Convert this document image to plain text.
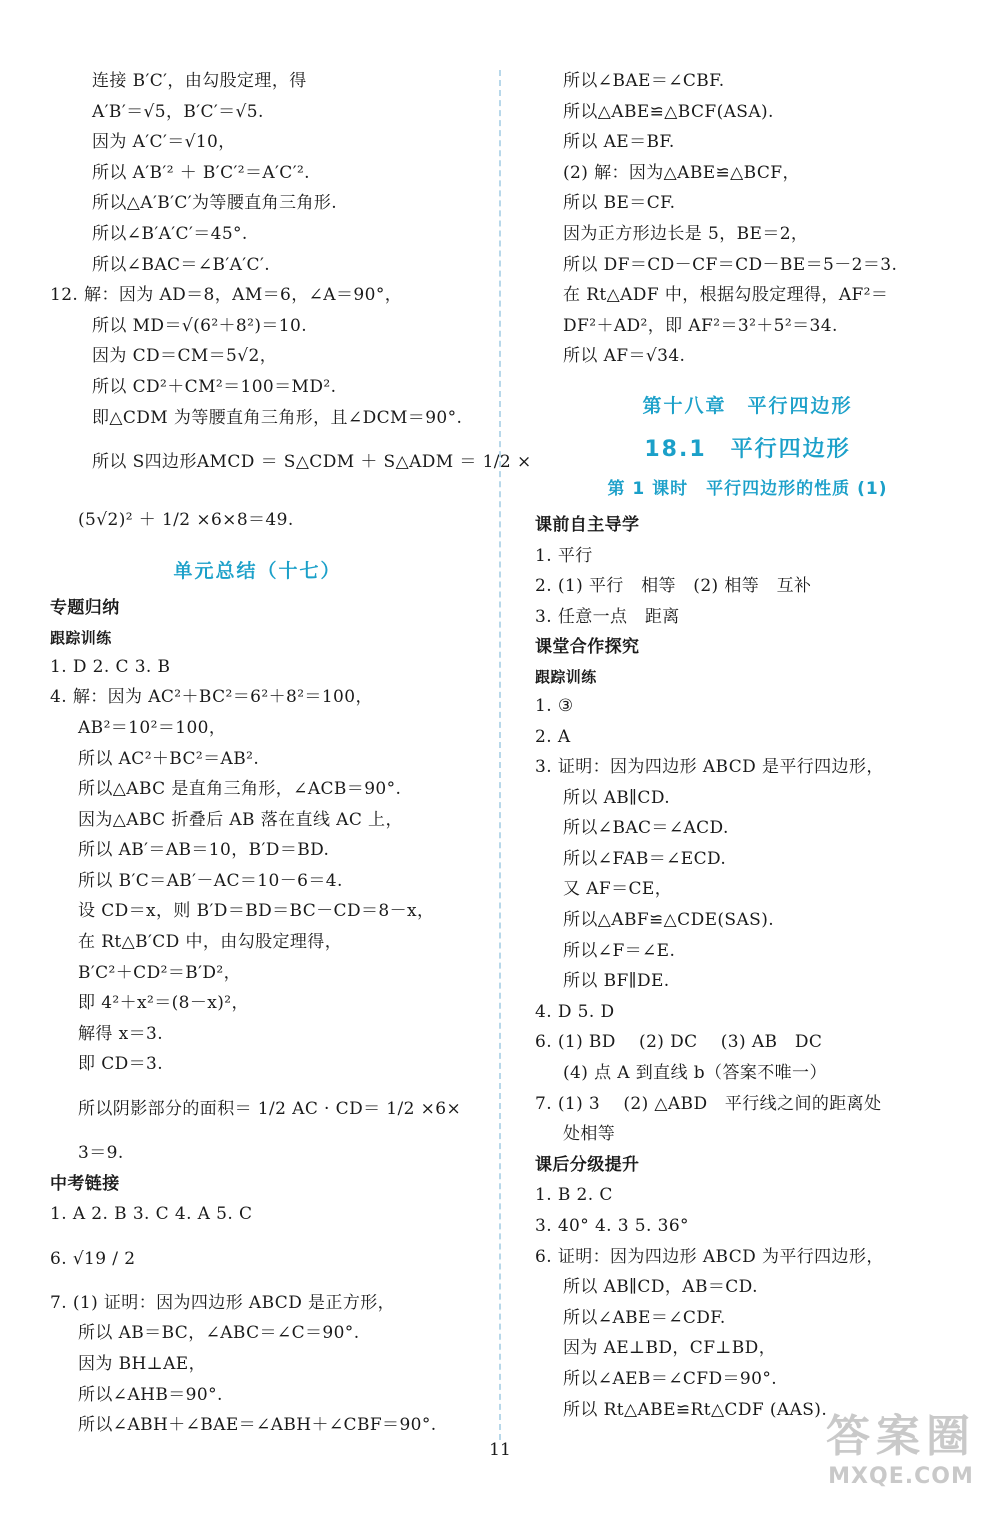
连接 B′C′，由勾股定理，得
A′B′＝√5，B′C′＝√5.
因为 A′C′＝√10，
所以 A′B′² ＋ B′C′²＝A′C′².
所以△A′B′C′为等腰直角三角形.
所以∠B′A′C′＝45°.
所以∠BAC＝∠B′A′C′.
12. 解：因为 AD＝8，AM＝6，∠A＝90°，
所以 MD＝√(6²＋8²)＝10.
因为 CD＝CM＝5√2，
所以 CD²＋CM²＝100＝MD².
即△CDM 为等腰直角三角形，且∠DCM＝90°.
所以 S四边形AMCD ＝ S△CDM ＋ S△ADM ＝ 1/2 ×
(5√2)² ＋ 1/2 ×6×8＝49.
单元总结（十七）
专题归纳
跟踪训练
1. D 2. C 3. B
4. 解：因为 AC²＋BC²＝6²＋8²＝100，
AB²＝10²＝100，
所以 AC²＋BC²＝AB².
所以△ABC 是直角三角形，∠ACB＝90°.
因为△ABC 折叠后 AB 落在直线 AC 上，
所以 AB′＝AB＝10，B′D＝BD.
所以 B′C＝AB′－AC＝10－6＝4.
设 CD＝x，则 B′D＝BD＝BC－CD＝8－x，
在 Rt△B′CD 中，由勾股定理得，
B′C²＋CD²＝B′D²，
即 4²＋x²＝(8－x)²，
解得 x＝3.
即 CD＝3.
所以阴影部分的面积＝ 1/2 AC · CD＝ 1/2 ×6×
3＝9.
中考链接
1. A 2. B 3. C 4. A 5. C
6. √19 / 2
7. (1) 证明：因为四边形 ABCD 是正方形，
所以 AB＝BC，∠ABC＝∠C＝90°.
因为 BH⊥AE，
所以∠AHB＝90°.
所以∠ABH＋∠BAE＝∠ABH＋∠CBF＝90°.
所以∠BAE＝∠CBF.
所以△ABE≌△BCF(ASA).
所以 AE＝BF.
(2) 解：因为△ABE≌△BCF，
所以 BE＝CF.
因为正方形边长是 5，BE＝2，
所以 DF＝CD－CF＝CD－BE＝5－2＝3.
在 Rt△ADF 中，根据勾股定理得，AF²＝
DF²＋AD²，即 AF²＝3²＋5²＝34.
所以 AF＝√34.
第十八章　平行四边形
18.1　平行四边形
第 1 课时　平行四边形的性质 (1)
课前自主导学
1. 平行
2. (1) 平行　相等　(2) 相等　互补
3. 任意一点　距离
课堂合作探究
跟踪训练
1. ③
2. A
3. 证明：因为四边形 ABCD 是平行四边形，
所以 AB∥CD.
所以∠BAC＝∠ACD.
所以∠FAB＝∠ECD.
又 AF＝CE，
所以△ABF≌△CDE(SAS).
所以∠F＝∠E.
所以 BF∥DE.
4. D 5. D
6. (1) BD　 (2) DC　 (3) AB　DC
(4) 点 A 到直线 b（答案不唯一）
7. (1) 3　 (2) △ABD　平行线之间的距离处
处相等
课后分级提升
1. B 2. C
3. 40° 4. 3 5. 36°
6. 证明：因为四边形 ABCD 为平行四边形，
所以 AB∥CD，AB＝CD.
所以∠ABE＝∠CDF.
因为 AE⊥BD，CF⊥BD，
所以∠AEB＝∠CFD＝90°.
所以 Rt△ABE≌Rt△CDF (AAS).
11	答案圈
MXQE.COM
